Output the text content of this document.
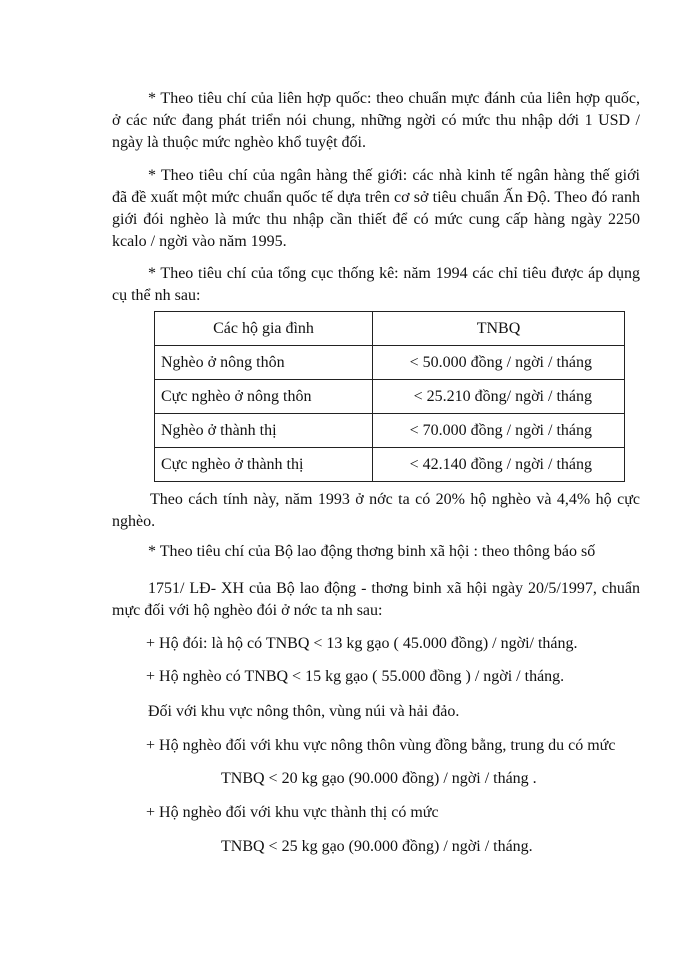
* Theo tiêu chí của liên hợp quốc: theo chuẩn mực đánh của liên hợp quốc, ở các nức đang phát triển nói chung, những ngời có mức thu nhập dới 1 USD / ngày là thuộc mức nghèo khổ tuyệt đối.

* Theo tiêu chí của ngân hàng thế giới: các nhà kinh tế ngân hàng thế giới đã đề xuất một mức chuẩn quốc tế dựa trên cơ sở tiêu chuẩn Ấn Độ. Theo đó ranh giới đói nghèo là mức thu nhập cần thiết để có mức cung cấp hàng ngày 2250 kcalo / ngời vào năm 1995.

* Theo tiêu chí của tổng cục thống kê: năm 1994 các chỉ tiêu được áp dụng cụ thể nh sau:

Các hộ gia đình	TNBQ
Nghèo ở nông thôn	< 50.000 đồng / ngời / tháng
Cực nghèo ở nông thôn	< 25.210 đồng/ ngời / tháng
Nghèo ở thành thị	< 70.000 đồng / ngời / tháng
Cực nghèo ở thành thị	< 42.140 đồng / ngời / tháng

Theo cách tính này, năm 1993 ở nớc ta có 20% hộ nghèo và 4,4% hộ cực nghèo.

* Theo tiêu chí của Bộ lao động thơng binh xã hội : theo thông báo số

1751/ LĐ- XH của Bộ lao động - thơng binh xã hội ngày 20/5/1997, chuẩn mực đối với hộ nghèo đói ở nớc ta nh sau:

+ Hộ đói: là hộ có TNBQ < 13 kg gạo ( 45.000 đồng) / ngời/ tháng.

+ Hộ nghèo có TNBQ < 15 kg gạo ( 55.000 đồng ) / ngời / tháng.

Đối với khu vực nông thôn, vùng núi và hải đảo.

+ Hộ nghèo đối với khu vực nông thôn vùng đồng bằng, trung du có mức

TNBQ < 20 kg gạo (90.000 đồng) / ngời / tháng .

+ Hộ nghèo đối với khu vực thành thị có mức

TNBQ < 25 kg gạo (90.000 đồng) / ngời / tháng.
